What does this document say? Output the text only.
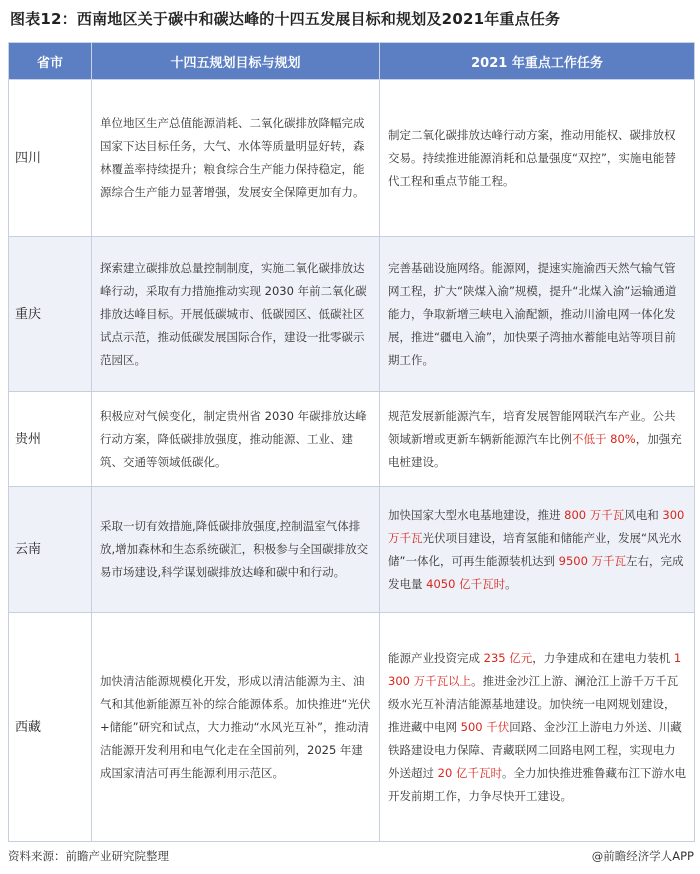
图表12：西南地区关于碳中和碳达峰的十四五发展目标和规划及2021年重点任务
省市	十四五规划目标与规划	2021 年重点工作任务
四川	单位地区生产总值能源消耗、二氧化碳排放降幅完成国家下达目标任务，大气、水体等质量明显好转，森林覆盖率持续提升；粮食综合生产能力保持稳定，能源综合生产能力显著增强，发展安全保障更加有力。	制定二氧化碳排放达峰行动方案，推动用能权、碳排放权交易。持续推进能源消耗和总量强度“双控”，实施电能替代工程和重点节能工程。
重庆	探索建立碳排放总量控制制度，实施二氧化碳排放达峰行动，采取有力措施推动实现 2030 年前二氧化碳排放达峰目标。开展低碳城市、低碳园区、低碳社区试点示范，推动低碳发展国际合作，建设一批零碳示范园区。	完善基础设施网络。能源网，提速实施渝西天然气输气管网工程，扩大“陕煤入渝”规模，提升“北煤入渝”运输通道能力，争取新增三峡电入渝配额，推动川渝电网一体化发展，推进“疆电入渝”，加快栗子湾抽水蓄能电站等项目前期工作。
贵州	积极应对气候变化，制定贵州省 2030 年碳排放达峰行动方案，降低碳排放强度，推动能源、工业、建筑、交通等领域低碳化。	规范发展新能源汽车，培育发展智能网联汽车产业。公共领域新增或更新车辆新能源汽车比例不低于 80%，加强充电桩建设。
云南	采取一切有效措施,降低碳排放强度,控制温室气体排放,增加森林和生态系统碳汇，积极参与全国碳排放交易市场建设,科学谋划碳排放达峰和碳中和行动。	加快国家大型水电基地建设，推进 800 万千瓦风电和 300 万千瓦光伏项目建设，培育氢能和储能产业，发展“风光水储”一体化，可再生能源装机达到 9500 万千瓦左右，完成发电量 4050 亿千瓦时。
西藏	加快清洁能源规模化开发，形成以清洁能源为主、油气和其他新能源互补的综合能源体系。加快推进“光伏+储能”研究和试点，大力推动“水风光互补”，推动清洁能源开发利用和电气化走在全国前列，2025 年建成国家清洁可再生能源利用示范区。	能源产业投资完成 235 亿元，力争建成和在建电力装机 1300 万千瓦以上。推进金沙江上游、澜沧江上游千万千瓦级水光互补清洁能源基地建设。加快统一电网规划建设，推进藏中电网 500 千伏回路、金沙江上游电力外送、川藏铁路建设电力保障、青藏联网二回路电网工程，实现电力外送超过 20 亿千瓦时。全力加快推进雅鲁藏布江下游水电开发前期工作，力争尽快开工建设。
资料来源：前瞻产业研究院整理	@前瞻经济学人APP
